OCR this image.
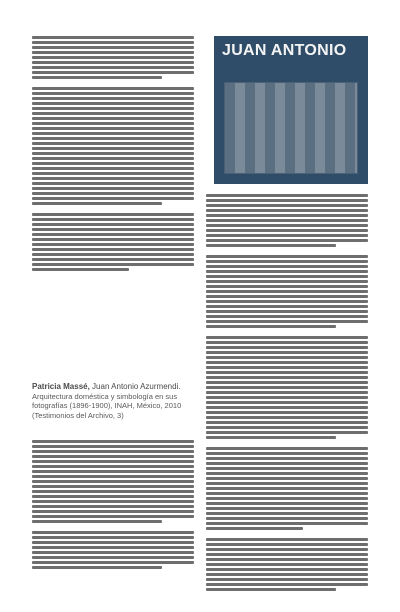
JUAN ANTONIO
Patricia Massé, Juan Antonio Azurmendi.
Arquitectura doméstica y simbología en sus
fotografías (1896-1900), INAH, México, 2010
(Testimonios del Archivo, 3)
